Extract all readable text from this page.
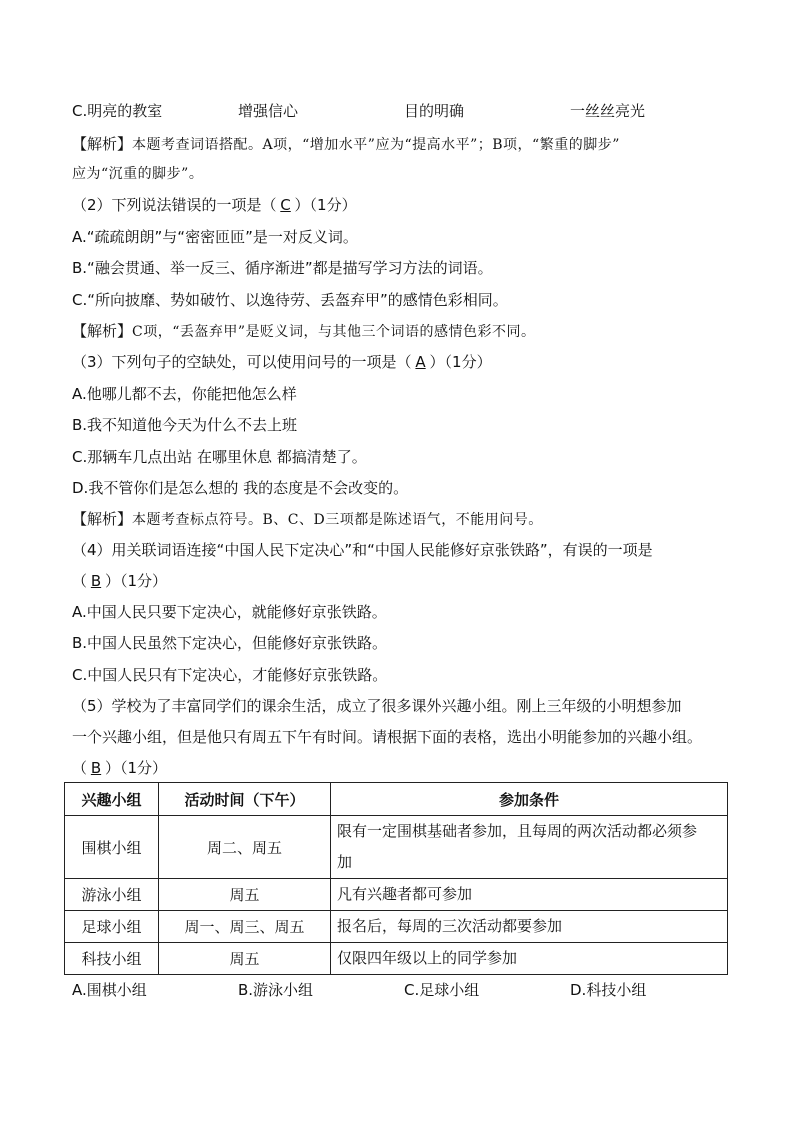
C.明亮的教室	增强信心	目的明确	一丝丝亮光
【解析】本题考查词语搭配。A项，“增加水平”应为“提高水平”；B项，“繁重的脚步”
应为“沉重的脚步”。
（2）下列说法错误的一项是（ C ）（1分）
A.“疏疏朗朗”与“密密匝匝”是一对反义词。
B.“融会贯通、举一反三、循序渐进”都是描写学习方法的词语。
C.“所向披靡、势如破竹、以逸待劳、丢盔弃甲”的感情色彩相同。
【解析】C项，“丢盔弃甲”是贬义词，与其他三个词语的感情色彩不同。
（3）下列句子的空缺处，可以使用问号的一项是（ A ）（1分）
A.他哪儿都不去，你能把他怎么样
B.我不知道他今天为什么不去上班
C.那辆车几点出站 在哪里休息 都搞清楚了。
D.我不管你们是怎么想的 我的态度是不会改变的。
【解析】本题考查标点符号。B、C、D三项都是陈述语气，不能用问号。
（4）用关联词语连接“中国人民下定决心”和“中国人民能修好京张铁路”，有误的一项是
（ B ）（1分）
A.中国人民只要下定决心，就能修好京张铁路。
B.中国人民虽然下定决心，但能修好京张铁路。
C.中国人民只有下定决心，才能修好京张铁路。
（5）学校为了丰富同学们的课余生活，成立了很多课外兴趣小组。刚上三年级的小明想参加
一个兴趣小组，但是他只有周五下午有时间。请根据下面的表格，选出小明能参加的兴趣小组。
（ B ）（1分）
兴趣小组	活动时间（下午）	参加条件
围棋小组	周二、周五	限有一定围棋基础者参加，且每周的两次活动都必须参
加

游泳小组	周五	凡有兴趣者都可参加
足球小组	周一、周三、周五	报名后，每周的三次活动都要参加
科技小组	周五	仅限四年级以上的同学参加
A.围棋小组	B.游泳小组	C.足球小组	D.科技小组
